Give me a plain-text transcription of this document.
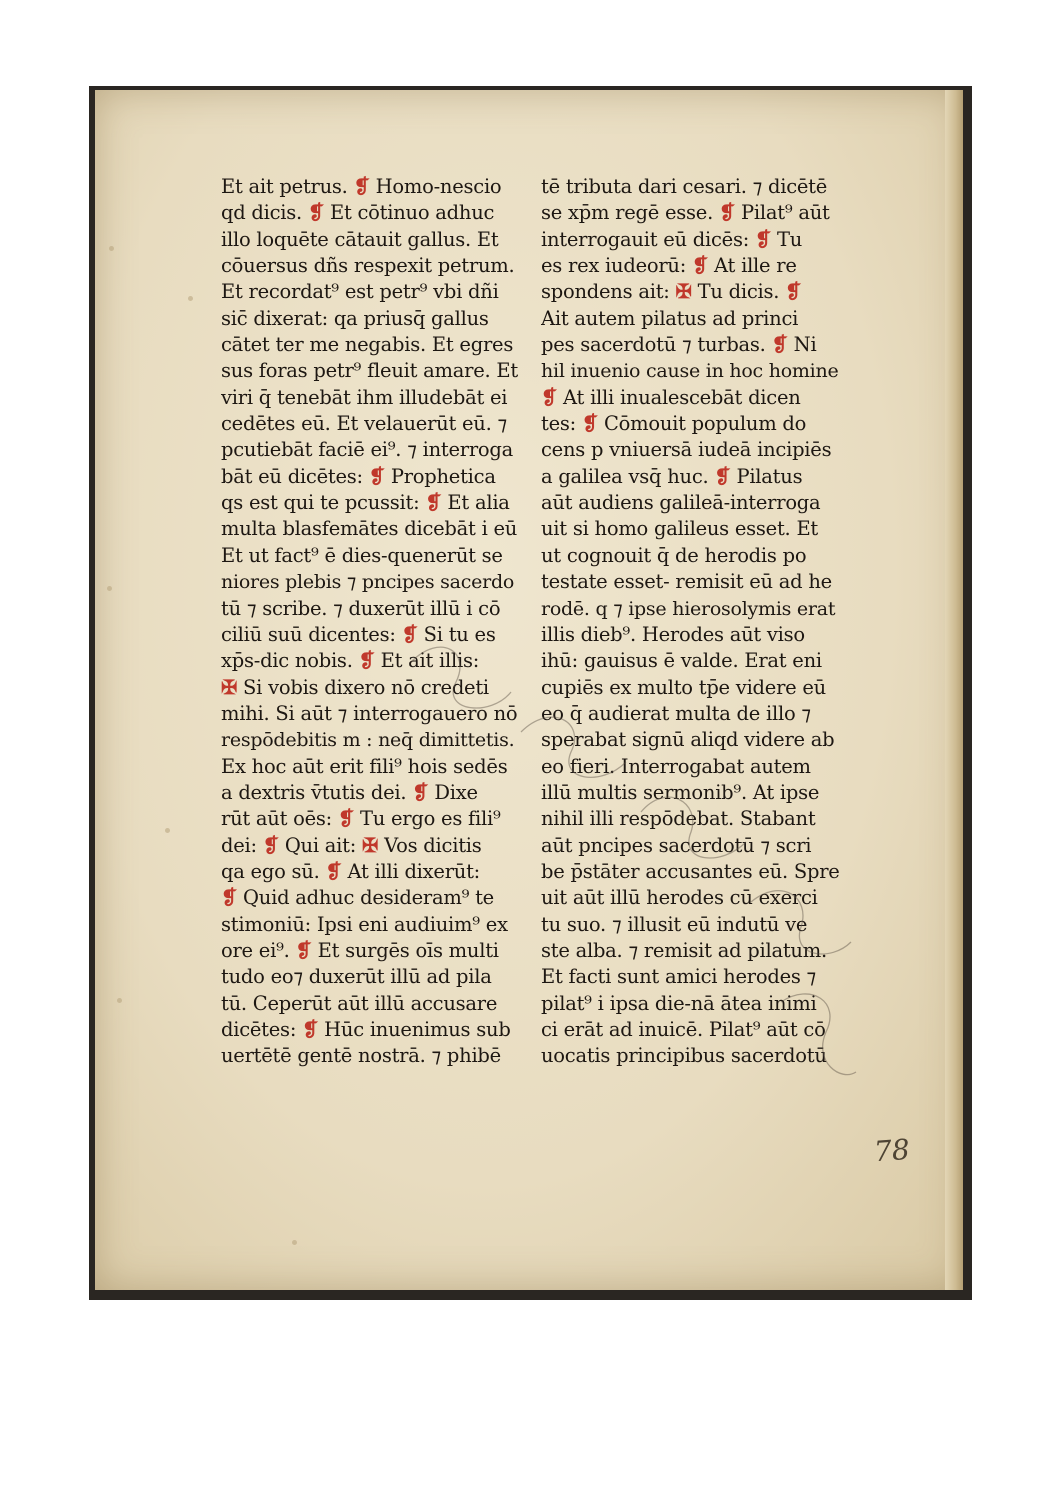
Et ait petrus. ❡ Homo-nescio
qd dicis. ❡ Et cōtinuo adhuc
illo loquēte cātauit gallus. Et
cōuersus dñs respexit petrum.
Et recordat⁹ est petr⁹ vbi dñi
sic̄ dixerat: qa priusq̄ gallus
cātet ter me negabis. Et egres
sus foras petr⁹ fleuit amare. Et
viri q̄ tenebāt ihm illudebāt ei
cedētes eū. Et velauerūt eū. ⁊
pcutiebāt faciē ei⁹. ⁊ interroga
bāt eū dicētes: ❡ Prophetica
qs est qui te pcussit: ❡ Et alia
multa blasfemātes dicebāt i eū
Et ut fact⁹ ē dies-quenerūt se
niores plebis ⁊ pncipes sacerdo
tū ⁊ scribe. ⁊ duxerūt illū i cō
ciliū suū dicentes: ❡ Si tu es
xp̄s-dic nobis. ❡ Et ait illis:
✠ Si vobis dixero nō credeti
mihi. Si aūt ⁊ interrogauero nō
respōdebitis m : neq̄ dimittetis.
Ex hoc aūt erit fili⁹ hois sedēs
a dextris v̄tutis dei. ❡ Dixe
rūt aūt oēs: ❡ Tu ergo es fili⁹
dei: ❡ Qui ait: ✠ Vos dicitis
qa ego sū. ❡ At illi dixerūt:
❡ Quid adhuc desideram⁹ te
stimoniū: Ipsi eni audiuim⁹ ex
ore ei⁹. ❡ Et surgēs oīs multi
tudo eo⁊ duxerūt illū ad pila
tū. Ceperūt aūt illū accusare
dicētes: ❡ Hūc inuenimus sub
uertētē gentē nostrā. ⁊ phibē
tē tributa dari cesari. ⁊ dicētē
se xp̄m regē esse. ❡ Pilat⁹ aūt
interrogauit eū dicēs: ❡ Tu
es rex iudeorū: ❡ At ille re
spondens ait: ✠ Tu dicis. ❡
Ait autem pilatus ad princi
pes sacerdotū ⁊ turbas. ❡ Ni
hil inuenio cause in hoc homine
❡ At illi inualescebāt dicen
tes: ❡ Cōmouit populum do
cens p vniuersā iudeā incipiēs
a galilea vsq̄ huc. ❡ Pilatus
aūt audiens galileā-interroga
uit si homo galileus esset. Et
ut cognouit q̄ de herodis po
testate esset- remisit eū ad he
rodē. q ⁊ ipse hierosolymis erat
illis dieb⁹. Herodes aūt viso
ihū: gauisus ē valde. Erat eni
cupiēs ex multo tp̄e videre eū
eo q̄ audierat multa de illo ⁊
sperabat signū aliqd videre ab
eo fieri. Interrogabat autem
illū multis sermonib⁹. At ipse
nihil illi respōdebat. Stabant
aūt pncipes sacerdotū ⁊ scri
be p̄stāter accusantes eū. Spre
uit aūt illū herodes cū exerci
tu suo. ⁊ illusit eū indutū ve
ste alba. ⁊ remisit ad pilatum.
Et facti sunt amici herodes ⁊
pilat⁹ i ipsa die-nā ātea inimi
ci erāt ad inuicē. Pilat⁹ aūt cō
uocatis principibus sacerdotū
78
